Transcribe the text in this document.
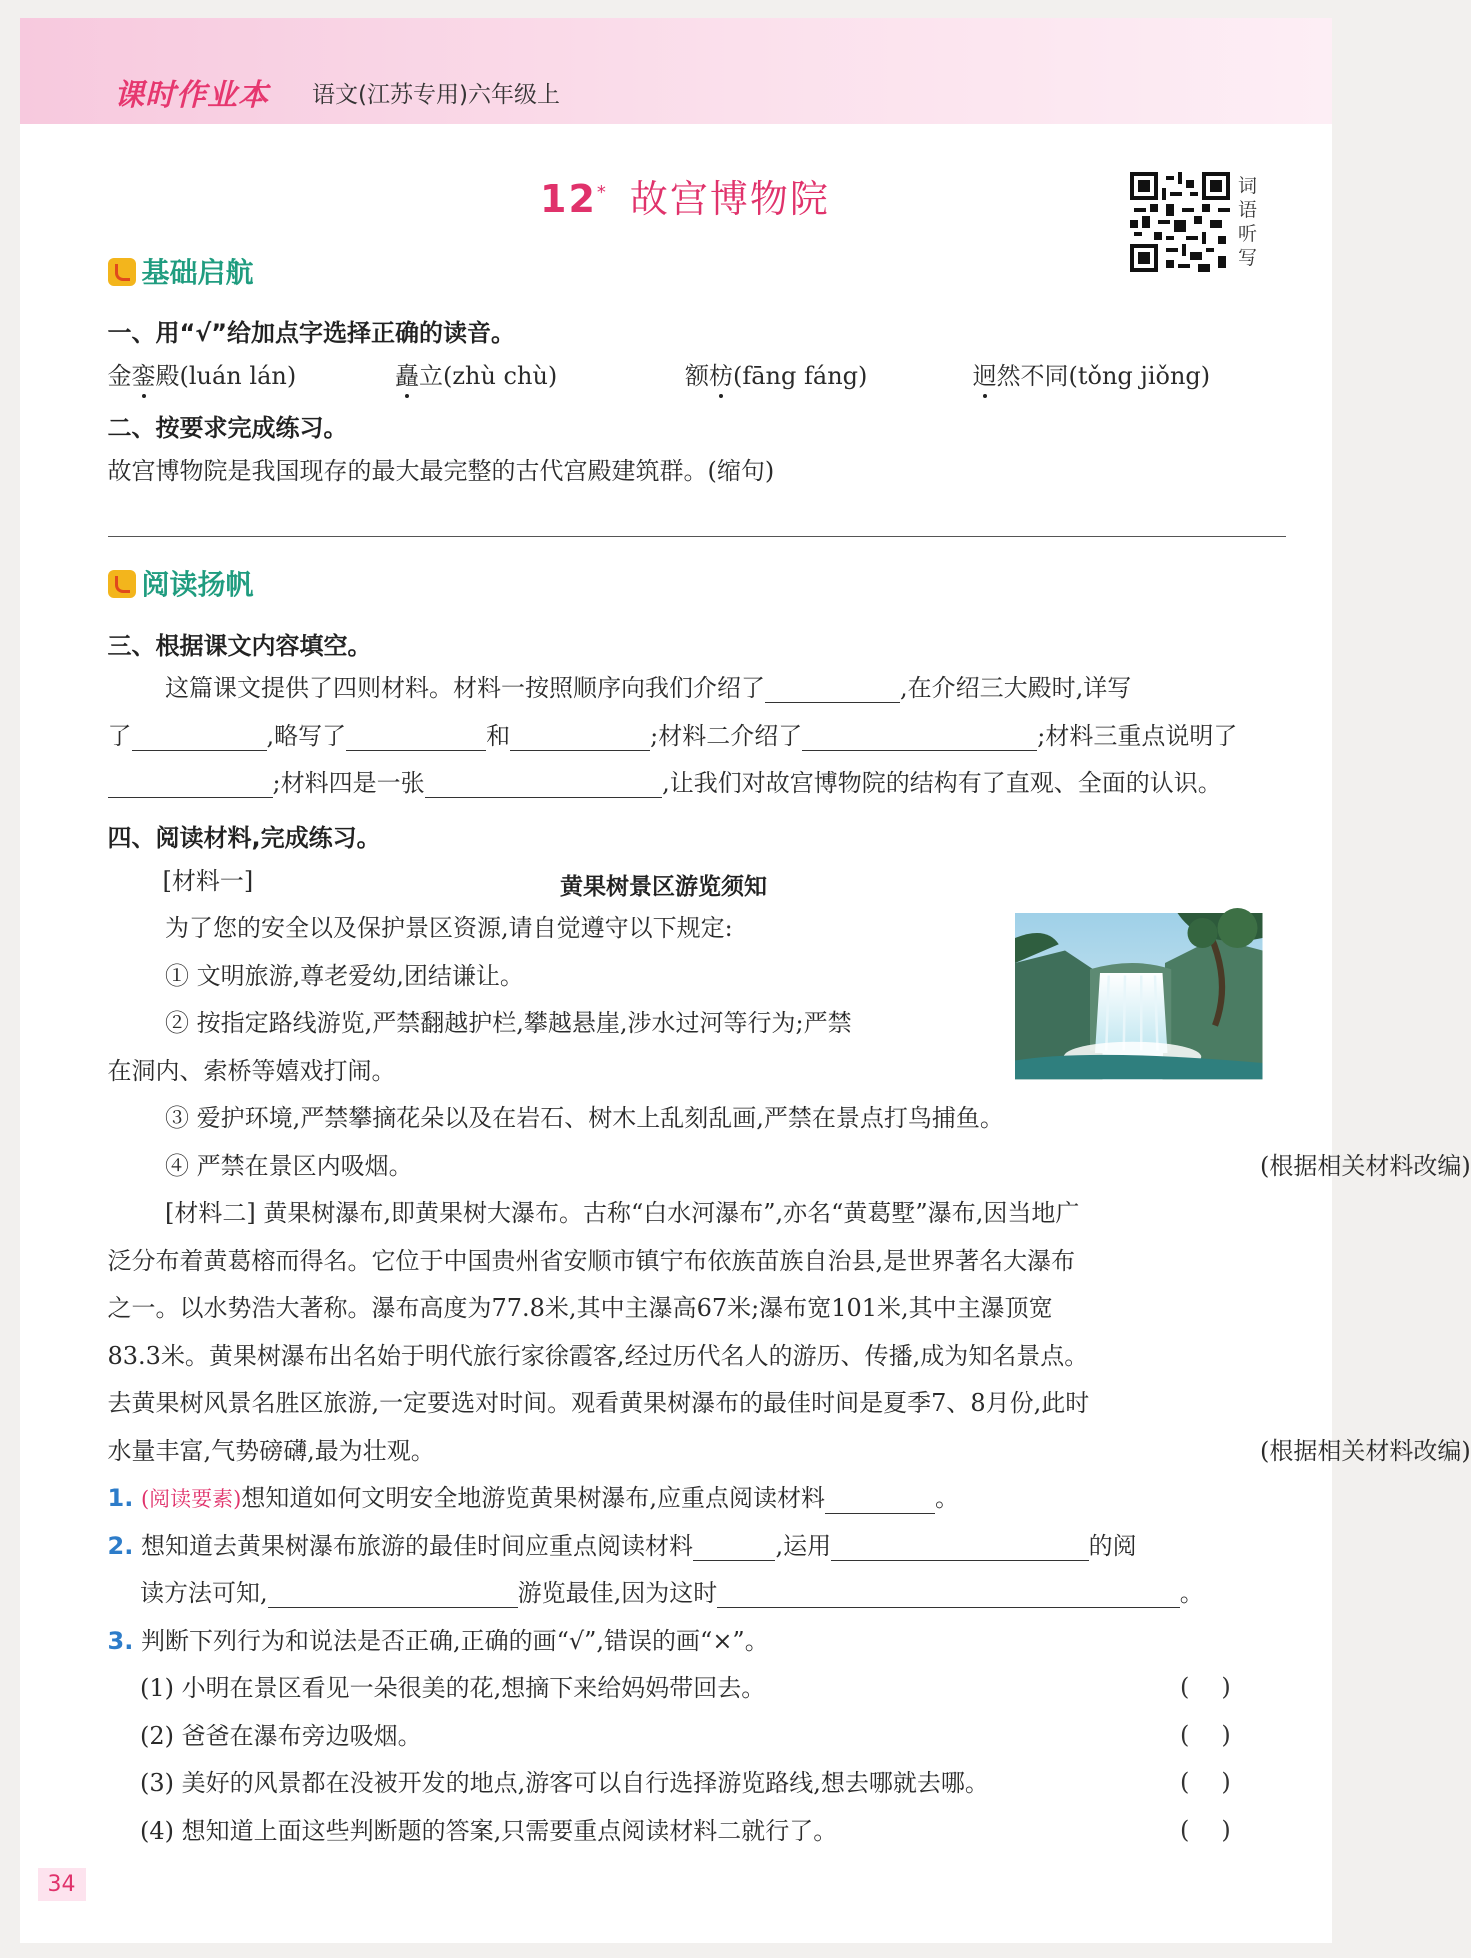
课时作业本 语文(江苏专用)六年级上
12* 故宫博物院	词
语
听
写
基础启航
一、用“√”给加点字选择正确的读音。
金銮殿(luán lán)	矗立(zhù chù)	额枋(fāng fáng)	迥然不同(tǒng jiǒng)
二、按要求完成练习。
故宫博物院是我国现存的最大最完整的古代宫殿建筑群。(缩句)
阅读扬帆
三、根据课文内容填空。
这篇课文提供了四则材料。材料一按照顺序向我们介绍了	,在介绍三大殿时,详写
了	,略写了	和	;材料二介绍了	;材料三重点说明了
;材料四是一张	,让我们对故宫博物院的结构有了直观、全面的认识。
四、阅读材料,完成练习。
[材料一]	黄果树景区游览须知
为了您的安全以及保护景区资源,请自觉遵守以下规定:
① 文明旅游,尊老爱幼,团结谦让。
② 按指定路线游览,严禁翻越护栏,攀越悬崖,涉水过河等行为;严禁
在洞内、索桥等嬉戏打闹。
③ 爱护环境,严禁攀摘花朵以及在岩石、树木上乱刻乱画,严禁在景点打鸟捕鱼。
④ 严禁在景区内吸烟。	(根据相关材料改编)
[材料二] 黄果树瀑布,即黄果树大瀑布。古称“白水河瀑布”,亦名“黄葛墅”瀑布,因当地广
泛分布着黄葛榕而得名。它位于中国贵州省安顺市镇宁布依族苗族自治县,是世界著名大瀑布
之一。以水势浩大著称。瀑布高度为77.8米,其中主瀑高67米;瀑布宽101米,其中主瀑顶宽
83.3米。黄果树瀑布出名始于明代旅行家徐霞客,经过历代名人的游历、传播,成为知名景点。
去黄果树风景名胜区旅游,一定要选对时间。观看黄果树瀑布的最佳时间是夏季7、8月份,此时
水量丰富,气势磅礴,最为壮观。	(根据相关材料改编)
1. (阅读要素)想知道如何文明安全地游览黄果树瀑布,应重点阅读材料	。
2. 想知道去黄果树瀑布旅游的最佳时间应重点阅读材料	,运用	的阅
读方法可知,	游览最佳,因为这时	。
3. 判断下列行为和说法是否正确,正确的画“√”,错误的画“×”。
(1) 小明在景区看见一朵很美的花,想摘下来给妈妈带回去。	()
(2) 爸爸在瀑布旁边吸烟。	()
(3) 美好的风景都在没被开发的地点,游客可以自行选择游览路线,想去哪就去哪。	()
(4) 想知道上面这些判断题的答案,只需要重点阅读材料二就行了。	()
34
